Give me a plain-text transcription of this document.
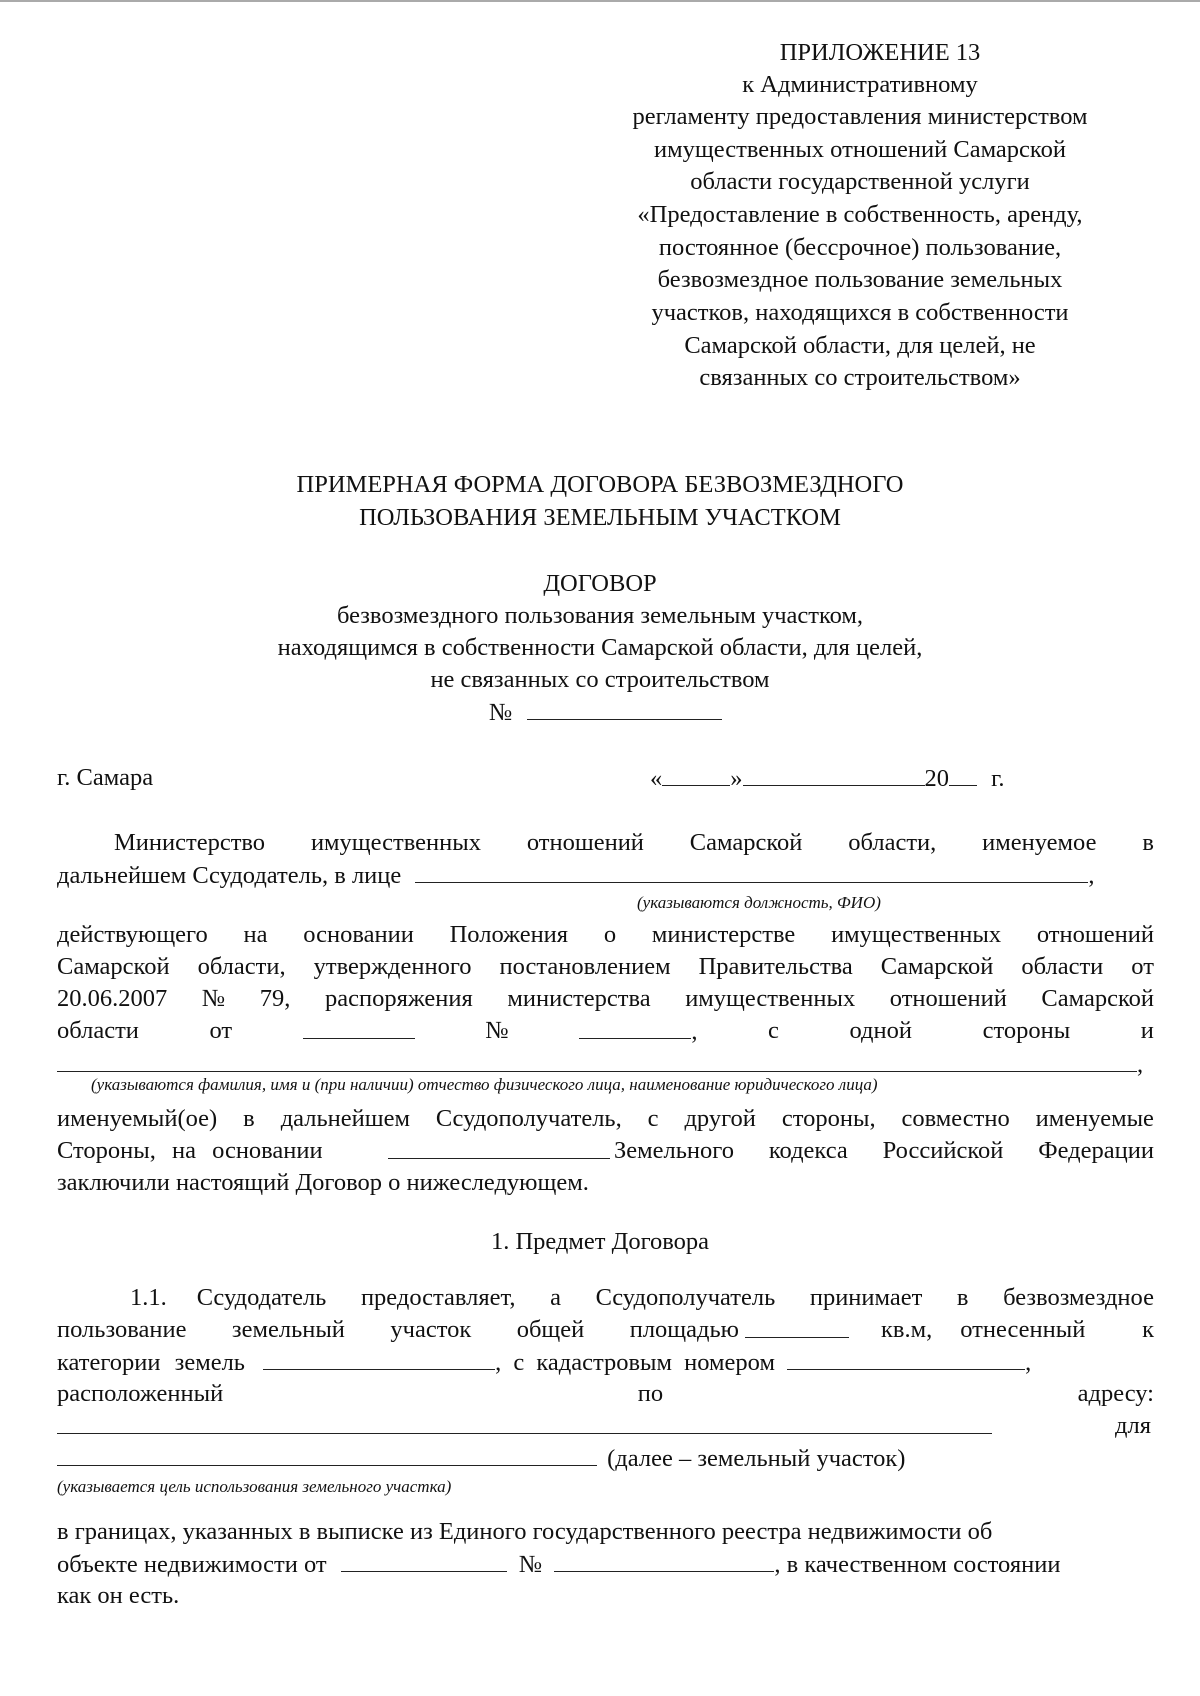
ПРИЛОЖЕНИЕ 13
к Административному
регламенту предоставления министерством
имущественных отношений Самарской
области государственной услуги
«Предоставление в собственность, аренду,
постоянное (бессрочное) пользование,
безвозмездное пользование земельных
участков, находящихся в собственности
Самарской области, для целей, не
связанных со строительством»
ПРИМЕРНАЯ ФОРМА ДОГОВОРА БЕЗВОЗМЕЗДНОГО
ПОЛЬЗОВАНИЯ ЗЕМЕЛЬНЫМ УЧАСТКОМ
ДОГОВОР
безвозмездного пользования земельным участком,
находящимся в собственности Самарской области, для целей,
не связанных со строительством
№
г. Самара	«	»	20 г.
Министерство имущественных отношений Самарской области, именуемое в
дальнейшем Ссудодатель, в лице	,
(указываются должность, ФИО)
действующего на основании Положения о министерстве имущественных отношений
Самарской области, утвержденного постановлением Правительства Самарской области от
20.06.2007 № 79, распоряжения министерства имущественных отношений Самарской
области	от	№	,	с	одной	стороны	и
,
(указываются фамилия, имя и (при наличии) отчество физического лица, наименование юридического лица)
именуемый(ое) в дальнейшем Ссудополучатель, с другой стороны, совместно именуемые
Стороны, на основании	Земельного кодекса Российской Федерации
заключили настоящий Договор о нижеследующем.
1. Предмет Договора
1.1. Ссудодатель предоставляет, а Ссудополучатель принимает в безвозмездное
пользование земельный участок общей площадью	кв.м, отнесенный к
категории земель	, с кадастровым номером	,
расположенный	по	адресу:
для
(далее – земельный участок)
(указывается цель использования земельного участка)
в границах, указанных в выписке из Единого государственного реестра недвижимости об
объекте недвижимости от	№	, в качественном состоянии
как он есть.
